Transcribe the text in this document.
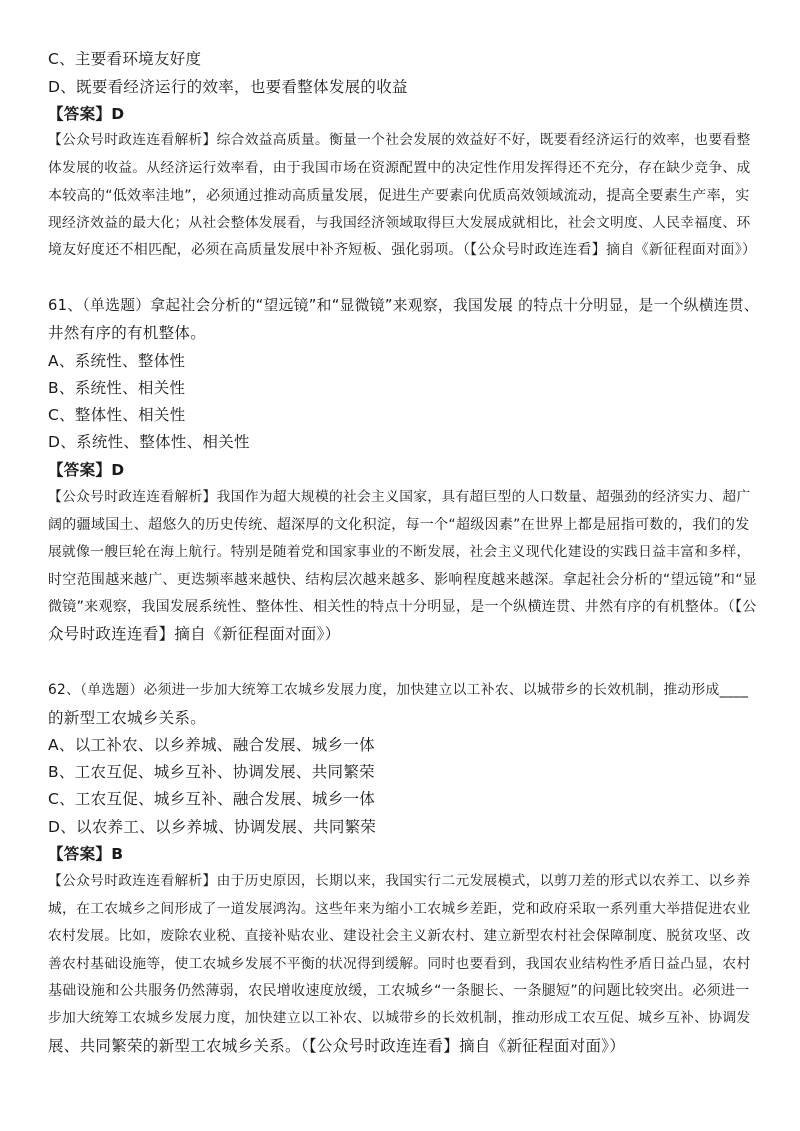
C、主要看环境友好度
D、既要看经济运行的效率，也要看整体发展的收益
【答案】D
【公众号时政连连看解析】综合效益高质量。衡量一个社会发展的效益好不好，既要看经济运行的效率，也要看整
体发展的收益。从经济运行效率看，由于我国市场在资源配置中的决定性作用发挥得还不充分，存在缺少竞争、成
本较高的“低效率洼地”，必须通过推动高质量发展，促进生产要素向优质高效领域流动，提高全要素生产率，实
现经济效益的最大化；从社会整体发展看，与我国经济领域取得巨大发展成就相比，社会文明度、人民幸福度、环
境友好度还不相匹配，必须在高质量发展中补齐短板、强化弱项。（【公众号时政连连看】摘自《新征程面对面》）
61、（单选题）拿起社会分析的“望远镜”和“显微镜”来观察，我国发展 的特点十分明显，是一个纵横连贯、
井然有序的有机整体。
A、系统性、整体性
B、系统性、相关性
C、整体性、相关性
D、系统性、整体性、相关性
【答案】D
【公众号时政连连看解析】我国作为超大规模的社会主义国家，具有超巨型的人口数量、超强劲的经济实力、超广
阔的疆域国土、超悠久的历史传统、超深厚的文化积淀，每一个“超级因素”在世界上都是屈指可数的，我们的发
展就像一艘巨轮在海上航行。特别是随着党和国家事业的不断发展，社会主义现代化建设的实践日益丰富和多样，
时空范围越来越广、更迭频率越来越快、结构层次越来越多、影响程度越来越深。拿起社会分析的“望远镜”和“显
微镜”来观察，我国发展系统性、整体性、相关性的特点十分明显，是一个纵横连贯、井然有序的有机整体。（【公
众号时政连连看】摘自《新征程面对面》）
62、（单选题）必须进一步加大统筹工农城乡发展力度，加快建立以工补农、以城带乡的长效机制，推动形成____
的新型工农城乡关系。
A、以工补农、以乡养城、融合发展、城乡一体
B、工农互促、城乡互补、协调发展、共同繁荣
C、工农互促、城乡互补、融合发展、城乡一体
D、以农养工、以乡养城、协调发展、共同繁荣
【答案】B
【公众号时政连连看解析】由于历史原因，长期以来，我国实行二元发展模式，以剪刀差的形式以农养工、以乡养
城，在工农城乡之间形成了一道发展鸿沟。这些年来为缩小工农城乡差距，党和政府采取一系列重大举措促进农业
农村发展。比如，废除农业税、直接补贴农业、建设社会主义新农村、建立新型农村社会保障制度、脱贫攻坚、改
善农村基础设施等，使工农城乡发展不平衡的状况得到缓解。同时也要看到，我国农业结构性矛盾日益凸显，农村
基础设施和公共服务仍然薄弱，农民增收速度放缓，工农城乡“一条腿长、一条腿短”的问题比较突出。必须进一
步加大统筹工农城乡发展力度，加快建立以工补农、以城带乡的长效机制，推动形成工农互促、城乡互补、协调发
展、共同繁荣的新型工农城乡关系。（【公众号时政连连看】摘自《新征程面对面》）
